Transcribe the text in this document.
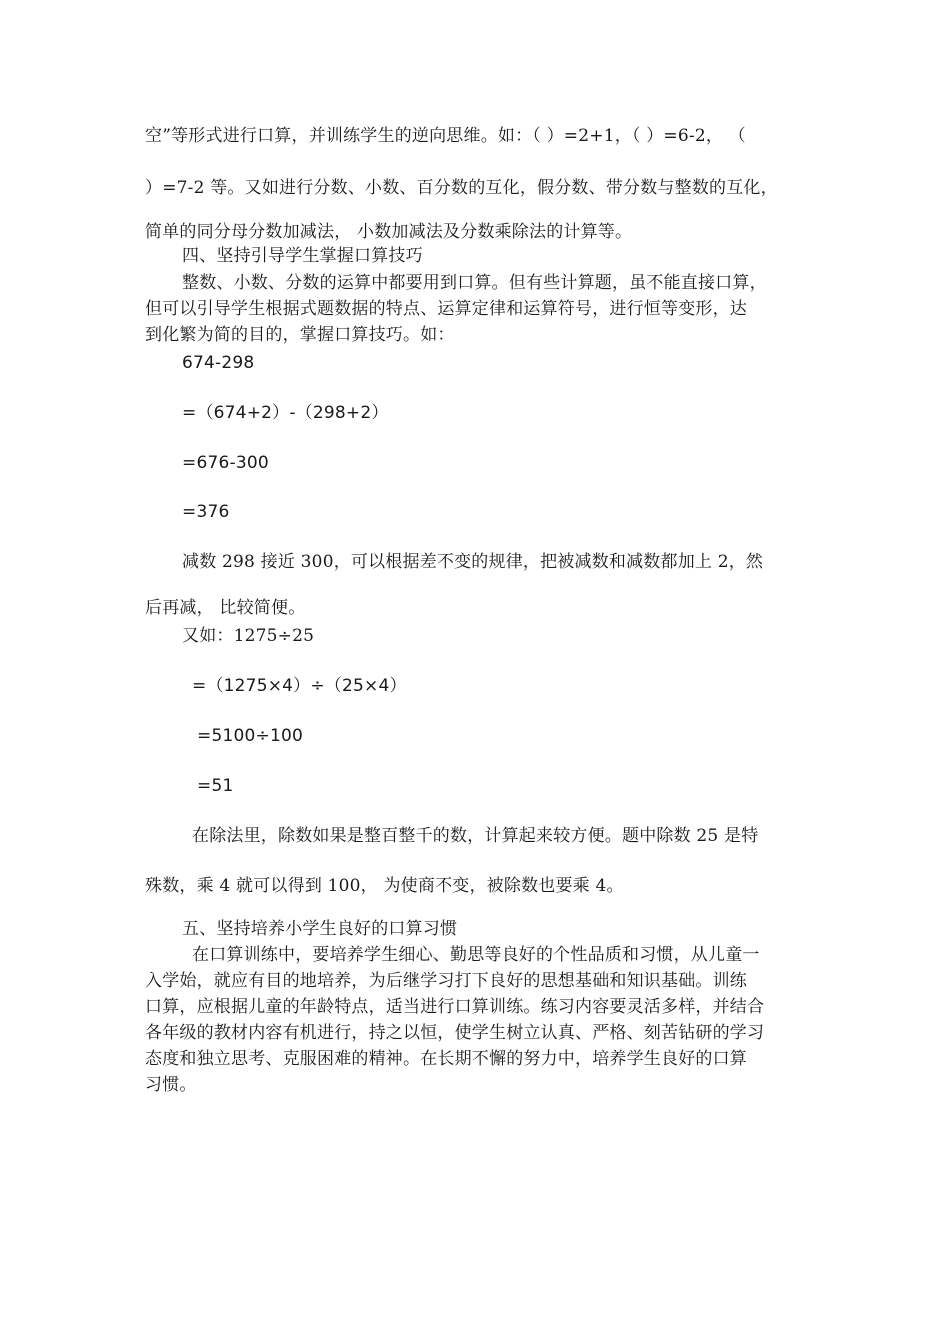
空”等形式进行口算，并训练学生的逆向思维。如：（ ）=2+1，（ ）=6-2， （
）=7-2 等。又如进行分数、小数、百分数的互化，假分数、带分数与整数的互化，
简单的同分母分数加减法， 小数加减法及分数乘除法的计算等。
四、坚持引导学生掌握口算技巧
整数、小数、分数的运算中都要用到口算。但有些计算题，虽不能直接口算，
但可以引导学生根据式题数据的特点、运算定律和运算符号，进行恒等变形，达
到化繁为简的目的，掌握口算技巧。如：
674-298
=（674+2）-（298+2）
=676-300
=376
减数 298 接近 300，可以根据差不变的规律，把被减数和减数都加上 2，然
后再减， 比较简便。
又如：1275÷25
=（1275×4）÷（25×4）
=5100÷100
=51
在除法里，除数如果是整百整千的数，计算起来较方便。题中除数 25 是特
殊数，乘 4 就可以得到 100， 为使商不变，被除数也要乘 4。
五、坚持培养小学生良好的口算习惯
在口算训练中，要培养学生细心、勤思等良好的个性品质和习惯，从儿童一
入学始，就应有目的地培养，为后继学习打下良好的思想基础和知识基础。训练
口算，应根据儿童的年龄特点，适当进行口算训练。练习内容要灵活多样，并结合
各年级的教材内容有机进行，持之以恒，使学生树立认真、严格、刻苦钻研的学习
态度和独立思考、克服困难的精神。在长期不懈的努力中，培养学生良好的口算
习惯。
